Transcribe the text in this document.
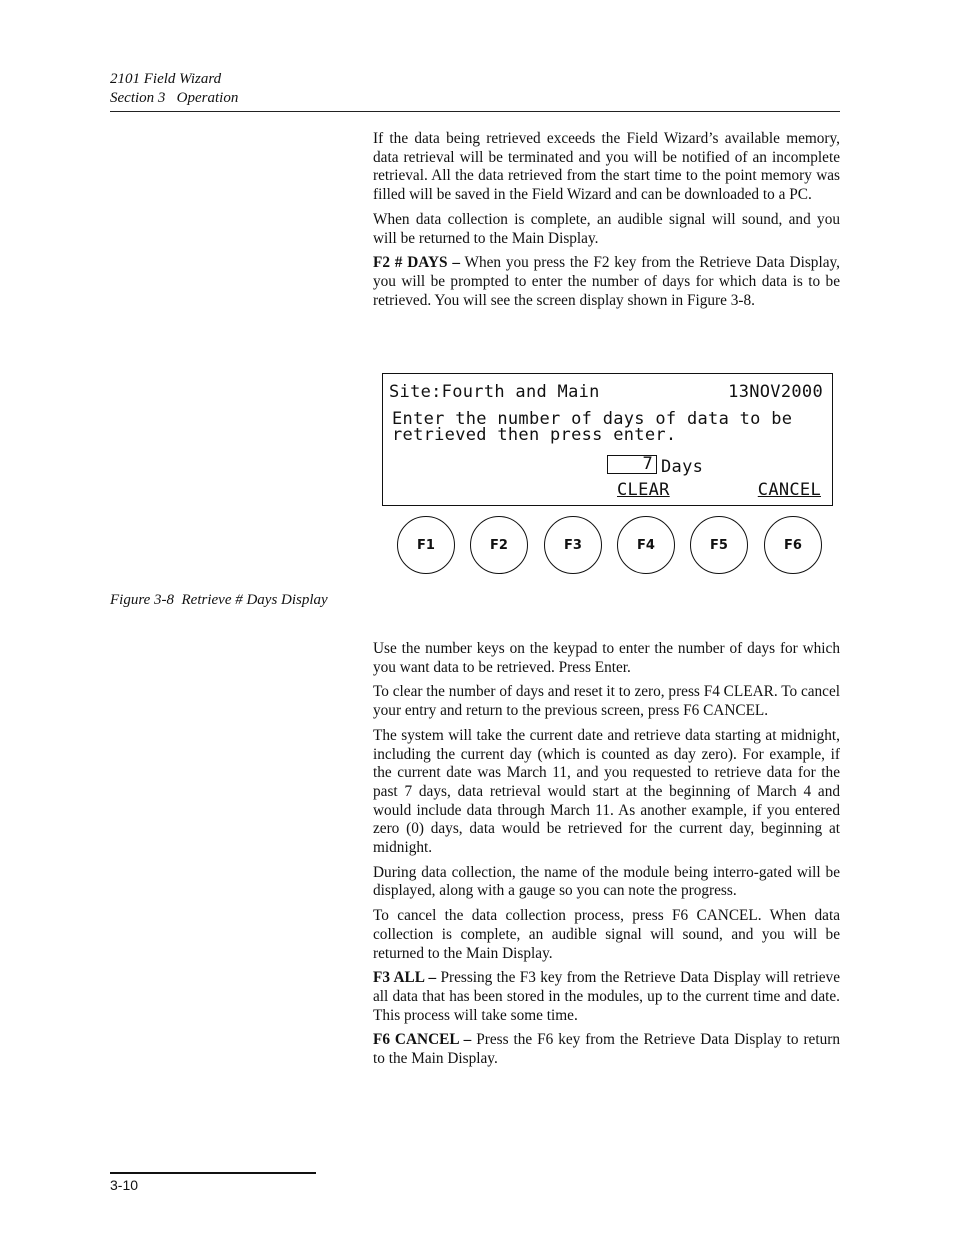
2101 Field Wizard
Section 3   Operation

If the data being retrieved exceeds the Field Wizard’s available memory, data retrieval will be terminated and you will be notified of an incomplete retrieval. All the data retrieved from the start time to the point memory was filled will be saved in the Field Wizard and can be downloaded to a PC.

When data collection is complete, an audible signal will sound, and you will be returned to the Main Display.

F2 # DAYS – When you press the F2 key from the Retrieve Data Display, you will be prompted to enter the number of days for which data is to be retrieved. You will see the screen display shown in Figure 3-8.

Site:Fourth and Main	13NOV2000
Enter the number of days of data to be
retrieved then press enter.
7 Days
CLEAR	CANCEL
F1	F2	F3	F4	F5	F6
Figure 3-8  Retrieve # Days Display

Use the number keys on the keypad to enter the number of days for which you want data to be retrieved. Press Enter.

To clear the number of days and reset it to zero, press F4 CLEAR. To cancel your entry and return to the previous screen, press F6 CANCEL.

The system will take the current date and retrieve data starting at midnight, including the current day (which is counted as day zero). For example, if the current date was March 11, and you requested to retrieve data for the past 7 days, data retrieval would start at the beginning of March 4 and would include data through March 11. As another example, if you entered zero (0) days, data would be retrieved for the current day, beginning at midnight.

During data collection, the name of the module being interro-gated will be displayed, along with a gauge so you can note the progress.

To cancel the data collection process, press F6 CANCEL. When data collection is complete, an audible signal will sound, and you will be returned to the Main Display.

F3 ALL – Pressing the F3 key from the Retrieve Data Display will retrieve all data that has been stored in the modules, up to the current time and date. This process will take some time.

F6 CANCEL – Press the F6 key from the Retrieve Data Display to return to the Main Display.

3-10
